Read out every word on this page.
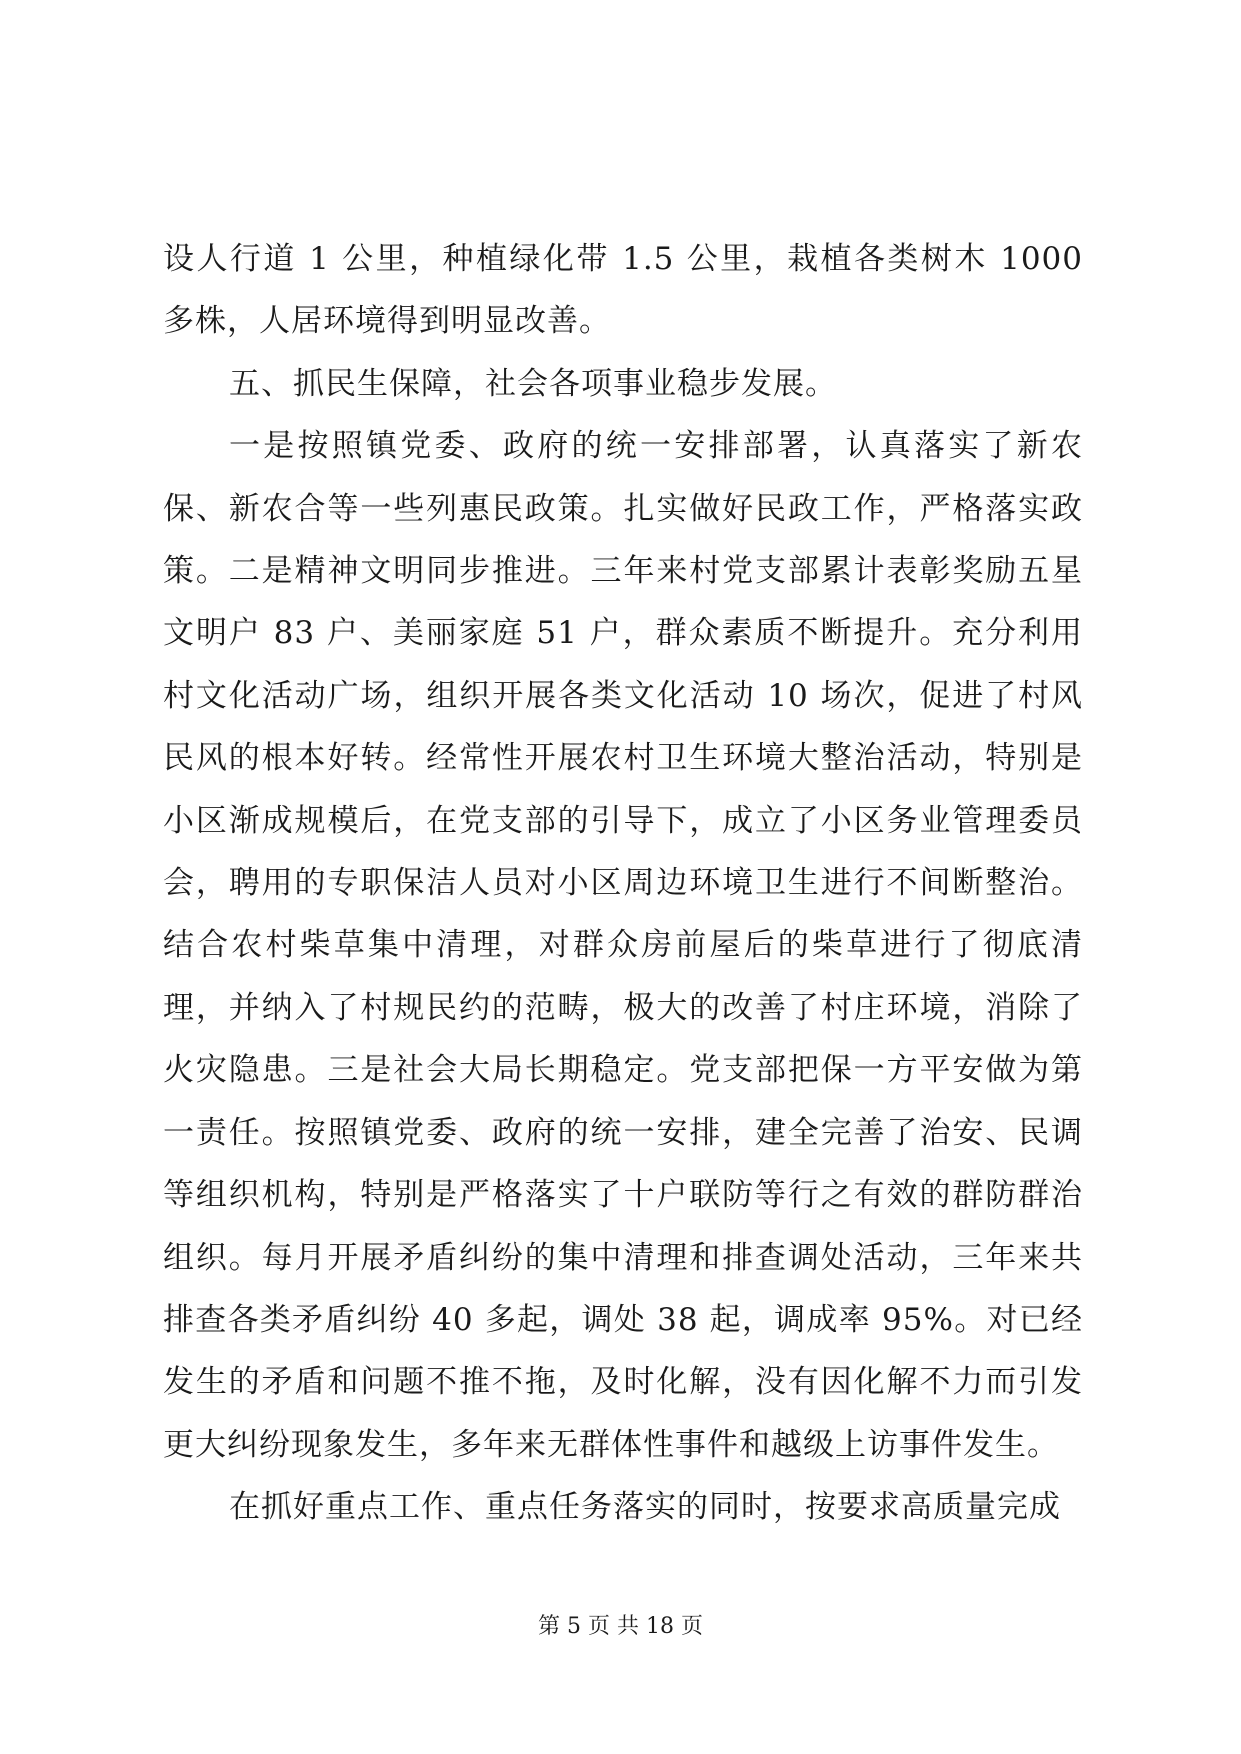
设人行道 1 公里，种植绿化带 1.5 公里，栽植各类树木 1000 多株，人居环境得到明显改善。

五、抓民生保障，社会各项事业稳步发展。

一是按照镇党委、政府的统一安排部署，认真落实了新农保、新农合等一些列惠民政策。扎实做好民政工作，严格落实政策。二是精神文明同步推进。三年来村党支部累计表彰奖励五星文明户 83 户、美丽家庭 51 户，群众素质不断提升。充分利用村文化活动广场，组织开展各类文化活动 10 场次，促进了村风民风的根本好转。经常性开展农村卫生环境大整治活动，特别是小区渐成规模后，在党支部的引导下，成立了小区务业管理委员会，聘用的专职保洁人员对小区周边环境卫生进行不间断整治。结合农村柴草集中清理，对群众房前屋后的柴草进行了彻底清理，并纳入了村规民约的范畴，极大的改善了村庄环境，消除了火灾隐患。三是社会大局长期稳定。党支部把保一方平安做为第一责任。按照镇党委、政府的统一安排，建全完善了治安、民调等组织机构，特别是严格落实了十户联防等行之有效的群防群治组织。每月开展矛盾纠纷的集中清理和排查调处活动，三年来共排查各类矛盾纠纷 40 多起，调处 38 起，调成率 95%。对已经发生的矛盾和问题不推不拖，及时化解，没有因化解不力而引发更大纠纷现象发生，多年来无群体性事件和越级上访事件发生。

在抓好重点工作、重点任务落实的同时，按要求高质量完成

第 5 页 共 18 页
